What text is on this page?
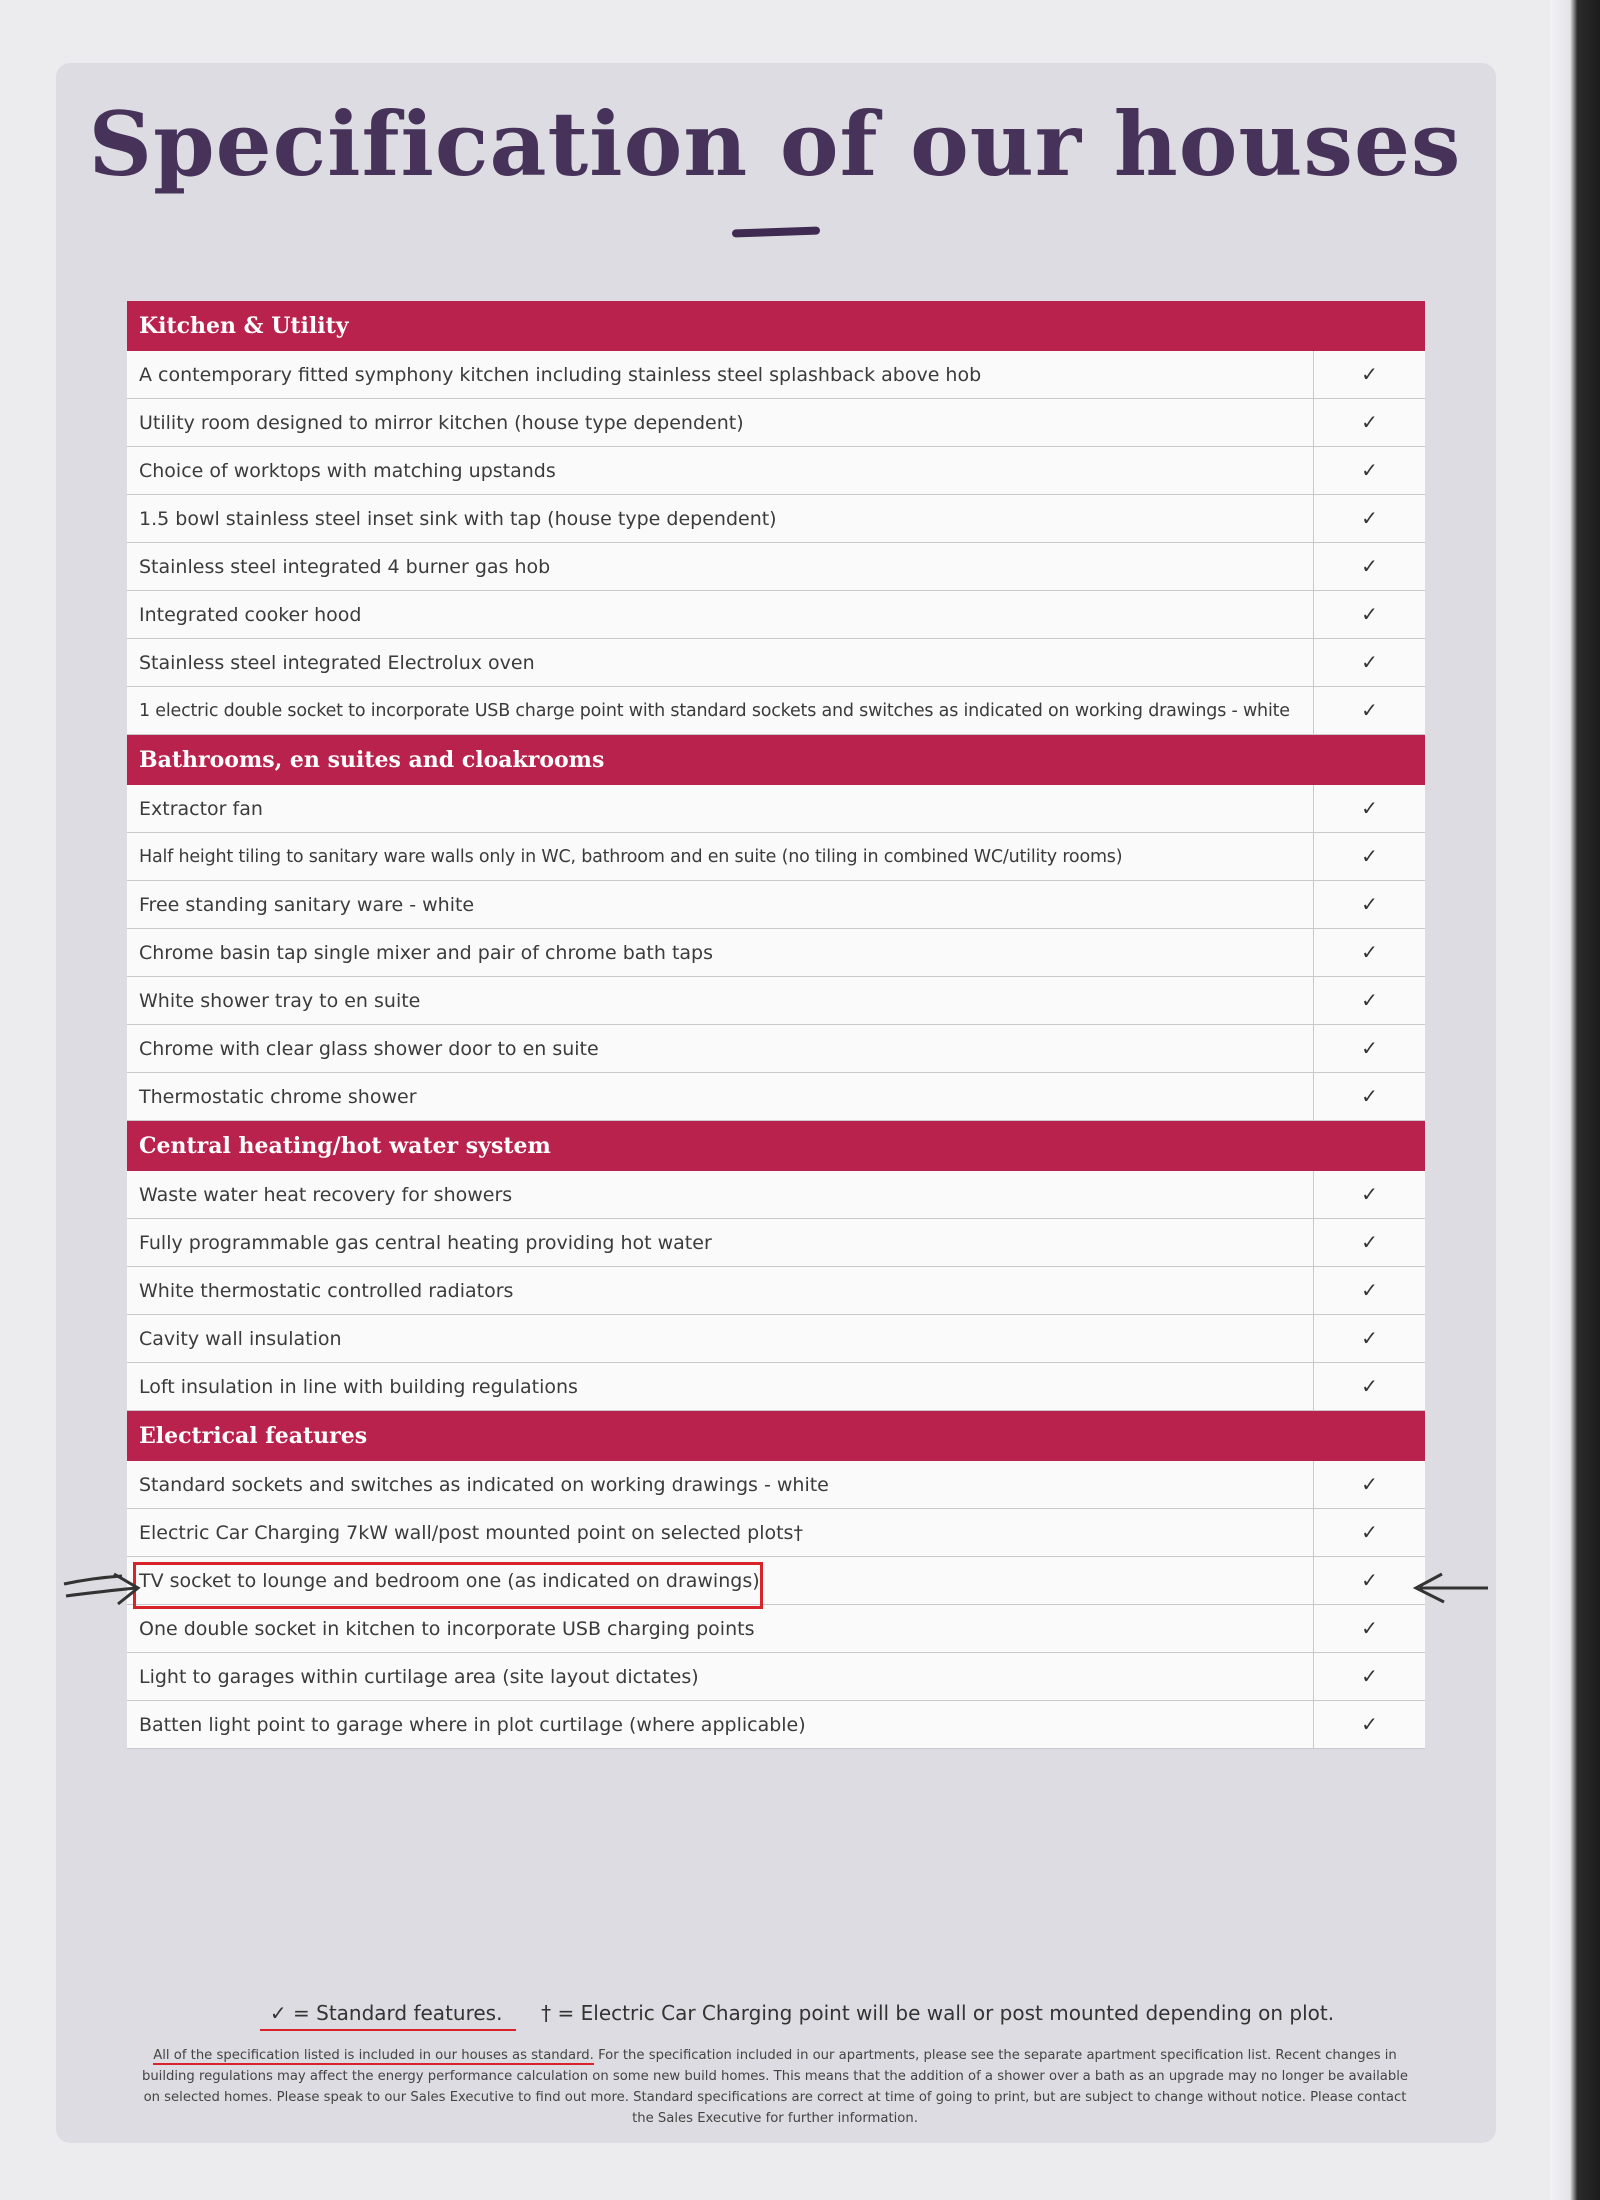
Specification of our houses
Kitchen & Utility
A contemporary fitted symphony kitchen including stainless steel splashback above hob	✓
Utility room designed to mirror kitchen (house type dependent)	✓
Choice of worktops with matching upstands	✓
1.5 bowl stainless steel inset sink with tap (house type dependent)	✓
Stainless steel integrated 4 burner gas hob	✓
Integrated cooker hood	✓
Stainless steel integrated Electrolux oven	✓
1 electric double socket to incorporate USB charge point with standard sockets and switches as indicated on working drawings - white	✓
Bathrooms, en suites and cloakrooms
Extractor fan	✓
Half height tiling to sanitary ware walls only in WC, bathroom and en suite (no tiling in combined WC/utility rooms)	✓
Free standing sanitary ware - white	✓
Chrome basin tap single mixer and pair of chrome bath taps	✓
White shower tray to en suite	✓
Chrome with clear glass shower door to en suite	✓
Thermostatic chrome shower	✓
Central heating/hot water system
Waste water heat recovery for showers	✓
Fully programmable gas central heating providing hot water	✓
White thermostatic controlled radiators	✓
Cavity wall insulation	✓
Loft insulation in line with building regulations	✓
Electrical features
Standard sockets and switches as indicated on working drawings - white	✓
Electric Car Charging 7kW wall/post mounted point on selected plots†	✓
TV socket to lounge and bedroom one (as indicated on drawings)	✓
One double socket in kitchen to incorporate USB charging points	✓
Light to garages within curtilage area (site layout dictates)	✓
Batten light point to garage where in plot curtilage (where applicable)	✓
✓ = Standard features. † = Electric Car Charging point will be wall or post mounted depending on plot.
All of the specification listed is included in our houses as standard. For the specification included in our apartments, please see the separate apartment specification list. Recent changes in building regulations may affect the energy performance calculation on some new build homes. This means that the addition of a shower over a bath as an upgrade may no longer be available on selected homes. Please speak to our Sales Executive to find out more. Standard specifications are correct at time of going to print, but are subject to change without notice. Please contact the Sales Executive for further information.
